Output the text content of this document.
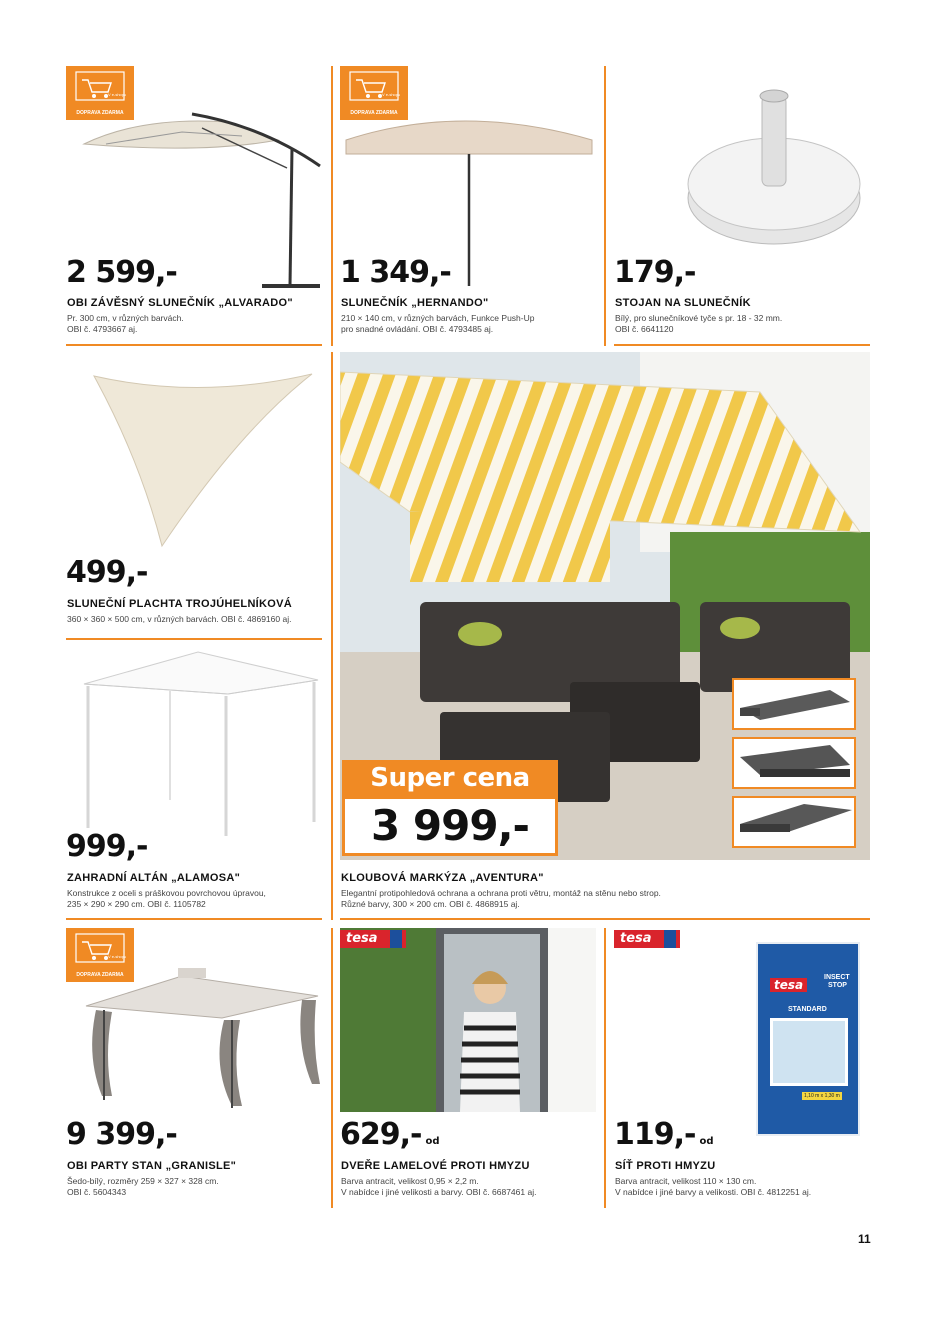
V e-shopu
DOPRAVA ZDARMA
2 599,-
OBI ZÁVĚSNÝ SLUNEČNÍK „ALVARADO"
Pr. 300 cm, v různých barvách.
OBI č. 4793667 aj.
V e-shopu
DOPRAVA ZDARMA
1 349,-
SLUNEČNÍK „HERNANDO"
210 × 140 cm, v různých barvách, Funkce Push-Up
pro snadné ovládání. OBI č. 4793485 aj.
179,-
STOJAN NA SLUNEČNÍK
Bílý, pro slunečníkové tyče s pr. 18 - 32 mm.
OBI č. 6641120
499,-
SLUNEČNÍ PLACHTA TROJÚHELNÍKOVÁ
360 × 360 × 500 cm, v různých barvách. OBI č. 4869160 aj.
999,-
ZAHRADNÍ ALTÁN „ALAMOSA"
Konstrukce z oceli s práškovou povrchovou úpravou,
235 × 290 × 290 cm. OBI č. 1105782
Super cena
3 999,-
KLOUBOVÁ MARKÝZA „AVENTURA"
Elegantní protipohledová ochrana a ochrana proti větru, montáž na stěnu nebo strop.
Různé barvy, 300 × 200 cm. OBI č. 4868915 aj.
V e-shopu
DOPRAVA ZDARMA
9 399,-
OBI PARTY STAN „GRANISLE"
Šedo-bílý, rozměry 259 × 327 × 328 cm.
OBI č. 5604343
tesa
629,- od
DVEŘE LAMELOVÉ PROTI HMYZU
Barva antracit, velikost 0,95 × 2,2 m.
V nabídce i jiné velikosti a barvy. OBI č. 6687461 aj.
tesa
tesa
INSECT
STOP
STANDARD
1,10 m x 1,30 m
119,- od
SÍŤ PROTI HMYZU
Barva antracit, velikost 110 × 130 cm.
V nabídce i jiné barvy a velikosti. OBI č. 4812251 aj.
11
